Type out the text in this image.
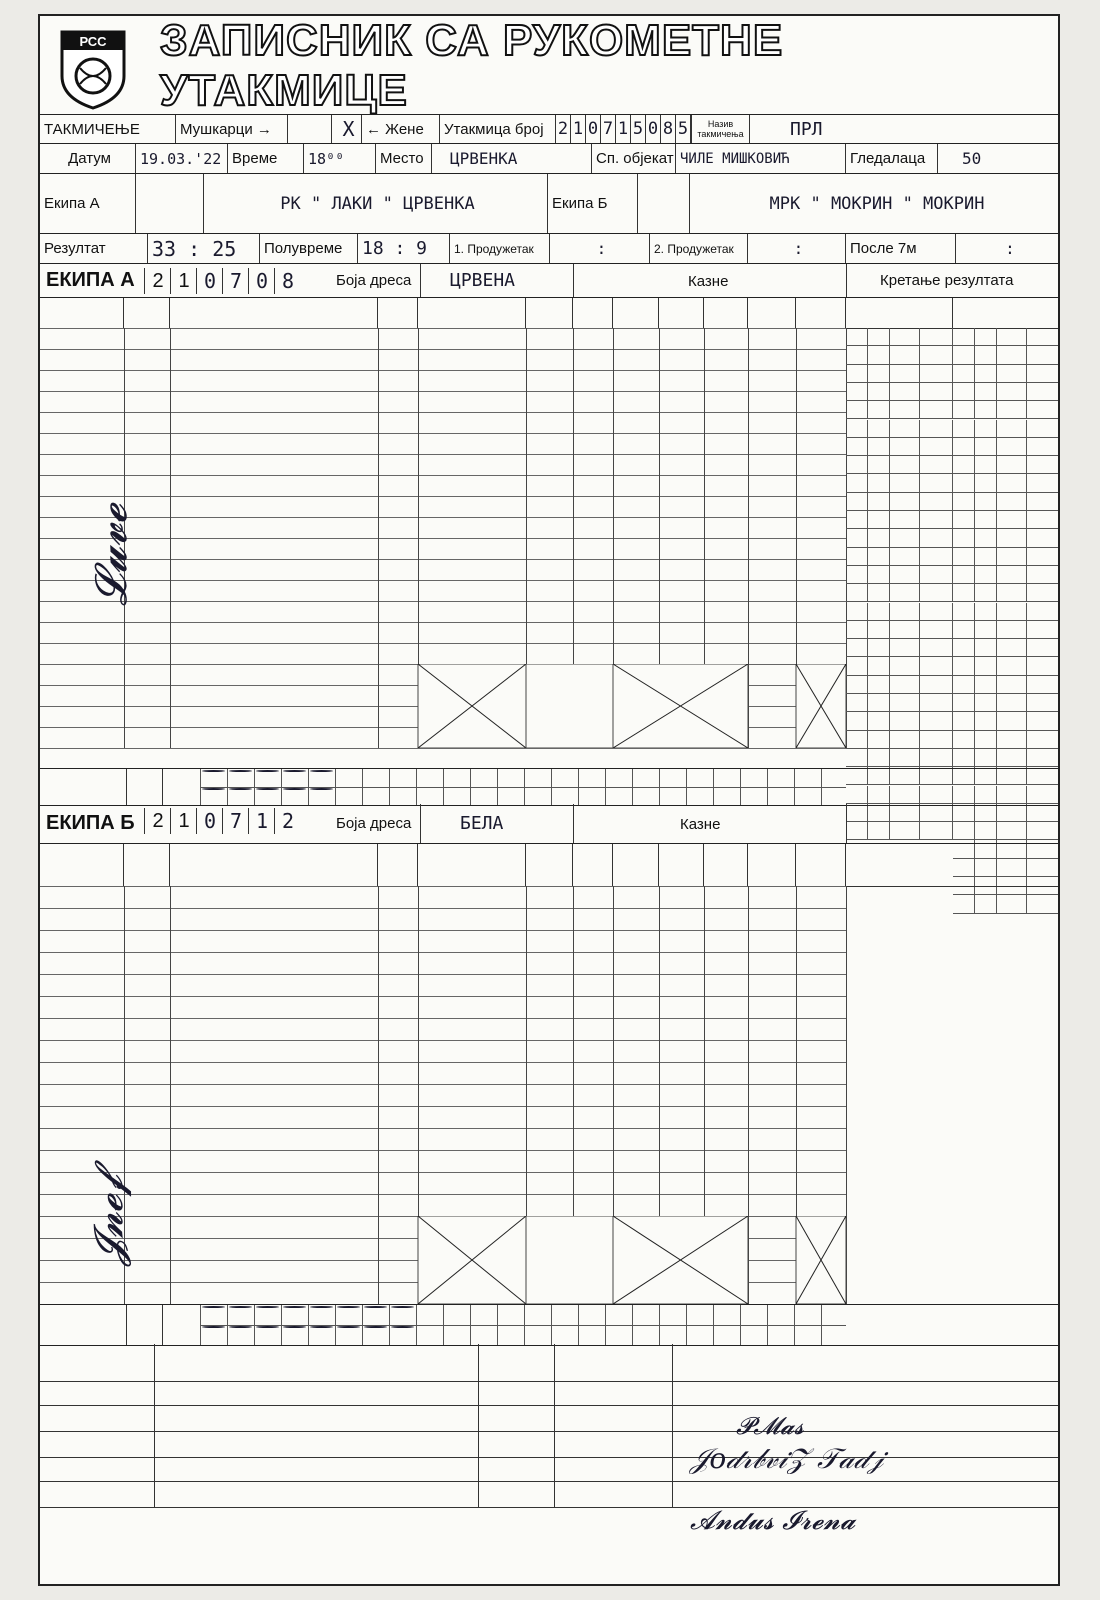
РСС ЗАПИСНИК СА РУКОМЕТНЕ УТАКМИЦЕ
ТАКМИЧЕЊЕ	Мушкарци →	X ← Жене Утакмица број 2 1 0 7 1 5 0 8 5	Назив такмичења	ПРЛ
Датум 19.03.'22 Време 18⁰⁰ Место ЦРВЕНКА	Сп. објекат ЧИЛЕ МИШКОВИЋ	Гледалаца 50
Екипа А	РК " ЛАКИ " ЦРВЕНКА	Екипа Б	МРК " МОКРИН " МОКРИН
Резултат 33 : 25 Полувреме 18 : 9 1. Продужетак	:	2. Продужетак	:	После 7м	:
ЕКИПА А 2 1 0 7 0 8	Боја дреса ЦРВЕНА	Казне	Кретање резултата
ЕКИПА Б 2 1 0 7 1 2	Боја дреса	БЕЛА	Казне
𝓟𝓜𝓪𝓼
𝒥𝑜𝒹𝓇𝒷𝓋𝒾𝒵 𝒯𝒶𝒹𝒿
𝓐𝓷𝓭𝓾𝓼 𝓘𝓻𝓮𝓷𝓪
𝓛𝓾𝓿𝓮
𝓙𝓷𝓮𝓯
